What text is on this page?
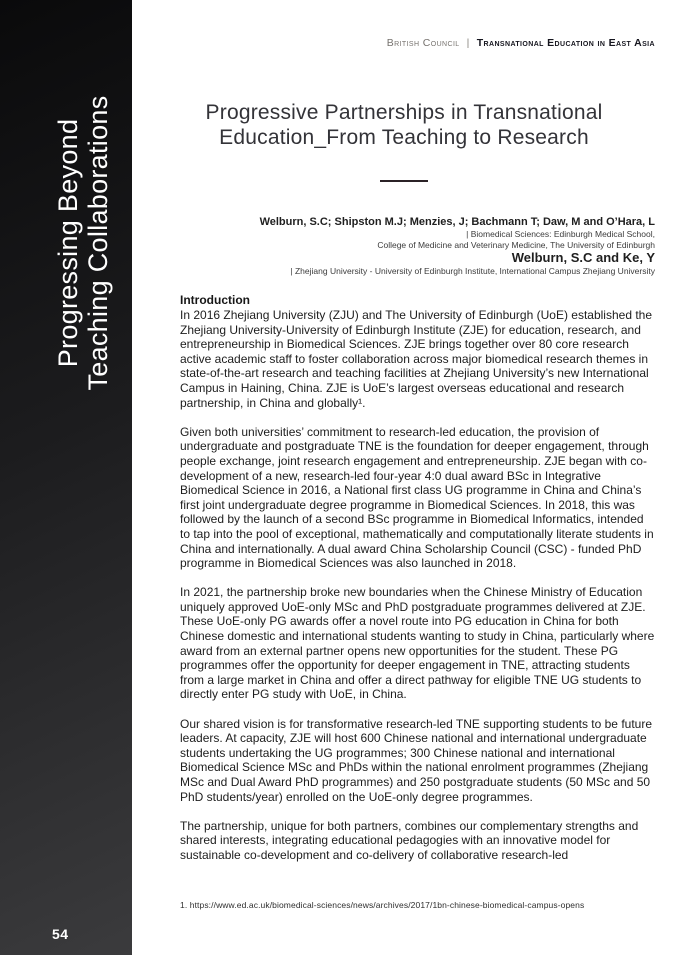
Progressing Beyond Teaching Collaborations
54
British Council | Transnational Education in East Asia
Progressive Partnerships in Transnational
Education_From Teaching to Research

Welburn, S.C; Shipston M.J; Menzies, J; Bachmann T; Daw, M and O’Hara, L

| Biomedical Sciences: Edinburgh Medical School,

College of Medicine and Veterinary Medicine, The University of Edinburgh

Welburn, S.C and Ke, Y

| Zhejiang University - University of Edinburgh Institute, International Campus Zhejiang University

Introduction

In 2016 Zhejiang University (ZJU) and The University of Edinburgh (UoE) established the Zhejiang University-University of Edinburgh Institute (ZJE) for education, research, and entrepreneurship in Biomedical Sciences. ZJE brings together over 80 core research active academic staff to foster collaboration across major biomedical research themes in state-of-the-art research and teaching facilities at Zhejiang University’s new International Campus in Haining, China. ZJE is UoE’s largest overseas educational and research partnership, in China and globally¹.

Given both universities’ commitment to research-led education, the provision of undergraduate and postgraduate TNE is the foundation for deeper engagement, through people exchange, joint research engagement and entrepreneurship. ZJE began with co-development of a new, research-led four-year 4:0 dual award BSc in Integrative Biomedical Science in 2016, a National first class UG programme in China and China’s first joint undergraduate degree programme in Biomedical Sciences. In 2018, this was followed by the launch of a second BSc programme in Biomedical Informatics, intended to tap into the pool of exceptional, mathematically and computationally literate students in China and internationally. A dual award China Scholarship Council (CSC) - funded PhD programme in Biomedical Sciences was also launched in 2018.

In 2021, the partnership broke new boundaries when the Chinese Ministry of Education uniquely approved UoE-only MSc and PhD postgraduate programmes delivered at ZJE. These UoE-only PG awards offer a novel route into PG education in China for both Chinese domestic and international students wanting to study in China, particularly where award from an external partner opens new opportunities for the student. These PG programmes offer the opportunity for deeper engagement in TNE, attracting students from a large market in China and offer a direct pathway for eligible TNE UG students to directly enter PG study with UoE, in China.

Our shared vision is for transformative research-led TNE supporting students to be future leaders. At capacity, ZJE will host 600 Chinese national and international undergraduate students undertaking the UG programmes; 300 Chinese national and international Biomedical Science MSc and PhDs within the national enrolment programmes (Zhejiang MSc and Dual Award PhD programmes) and 250 postgraduate students (50 MSc and 50 PhD students/year) enrolled on the UoE-only degree programmes.

The partnership, unique for both partners, combines our complementary strengths and shared interests, integrating educational pedagogies with an innovative model for sustainable co-development and co-delivery of collaborative research-led

1. https://www.ed.ac.uk/biomedical-sciences/news/archives/2017/1bn-chinese-biomedical-campus-opens
